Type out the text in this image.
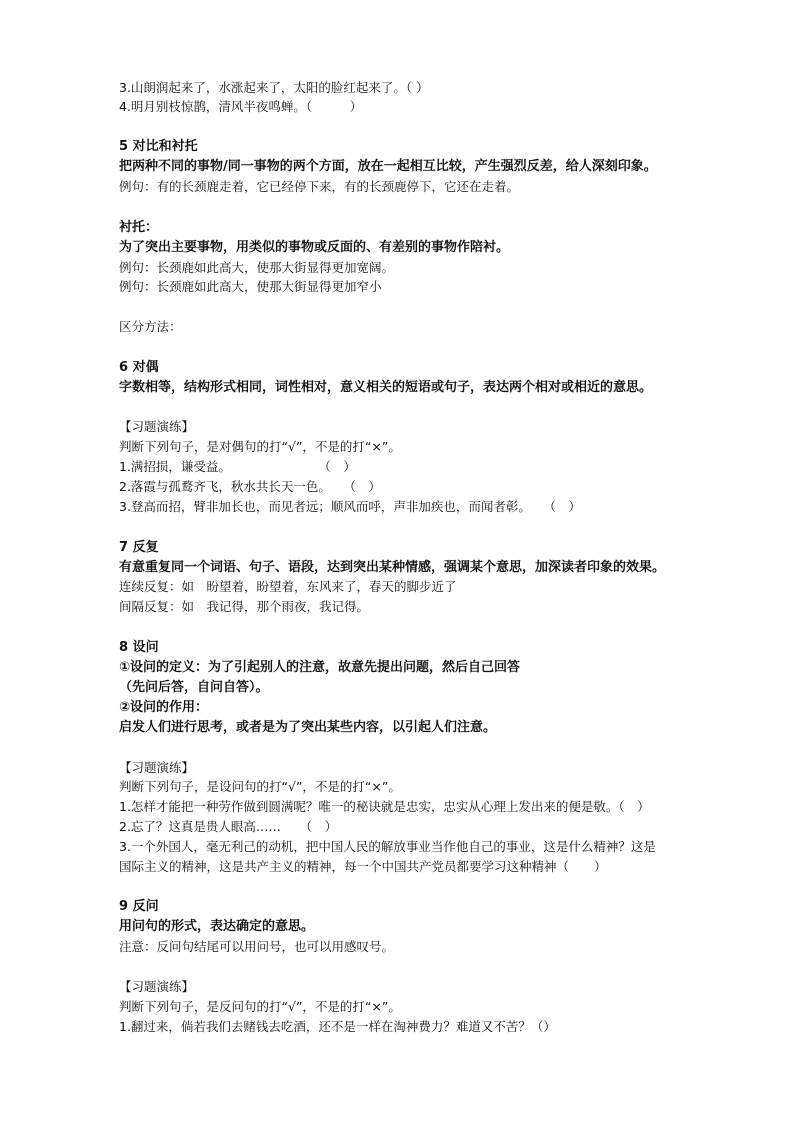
3.山朗润起来了，水涨起来了，太阳的脸红起来了。（ ）
4.明月别枝惊鹊，清风半夜鸣蝉。（　　　）
5 对比和衬托
把两种不同的事物/同一事物的两个方面，放在一起相互比较，产生强烈反差，给人深刻印象。
例句：有的长颈鹿走着，它已经停下来，有的长颈鹿停下，它还在走着。
衬托：
为了突出主要事物，用类似的事物或反面的、有差别的事物作陪衬。
例句：长颈鹿如此高大，使那大街显得更加宽阔。
例句：长颈鹿如此高大，使那大街显得更加窄小
区分方法：
6 对偶
字数相等，结构形式相同，词性相对，意义相关的短语或句子，表达两个相对或相近的意思。
【习题演练】
判断下列句子，是对偶句的打“√”，不是的打“×”。
1.满招损，谦受益。　　　　　　　　（　）
2.落霞与孤鹜齐飞，秋水共长天一色。　　（　）
3.登高而招，臂非加长也，而见者远；顺风而呼，声非加疾也，而闻者彰。　　（　）
7 反复
有意重复同一个词语、句子、语段，达到突出某种情感，强调某个意思，加深读者印象的效果。
连续反复：如　盼望着，盼望着，东风来了，春天的脚步近了
间隔反复：如　我记得，那个雨夜，我记得。
8 设问
①设问的定义：为了引起别人的注意，故意先提出问题，然后自己回答
（先问后答，自问自答）。
②设问的作用：
启发人们进行思考，或者是为了突出某些内容，以引起人们注意。
【习题演练】
判断下列句子，是设问句的打“√”，不是的打“×”。
1.怎样才能把一种劳作做到圆满呢？唯一的秘诀就是忠实，忠实从心理上发出来的便是敬。（　）
2.忘了？这真是贵人眼高……　　（　）
3.一个外国人，毫无利己的动机，把中国人民的解放事业当作他自己的事业，这是什么精神？这是
国际主义的精神，这是共产主义的精神，每一个中国共产党员都要学习这种精神（　　）
9 反问
用问句的形式，表达确定的意思。
注意：反问句结尾可以用问号，也可以用感叹号。
【习题演练】
判断下列句子，是反问句的打“√”，不是的打“×”。
1.翻过来，倘若我们去赌钱去吃酒，还不是一样在淘神费力？难道又不苦？（）
